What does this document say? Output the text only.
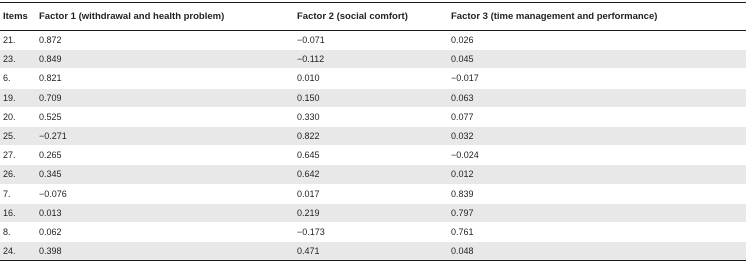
Items	Factor 1 (withdrawal and health problem)	Factor 2 (social comfort)	Factor 3 (time management and performance)
21.	0.872	−0.071	0.026
23.	0.849	−0.112	0.045
6.	0.821	0.010	−0.017
19.	0.709	0.150	0.063
20.	0.525	0.330	0.077
25.	−0.271	0.822	0.032
27.	0.265	0.645	−0.024
26.	0.345	0.642	0.012
7.	−0.076	0.017	0.839
16.	0.013	0.219	0.797
8.	0.062	−0.173	0.761
24.	0.398	0.471	0.048
